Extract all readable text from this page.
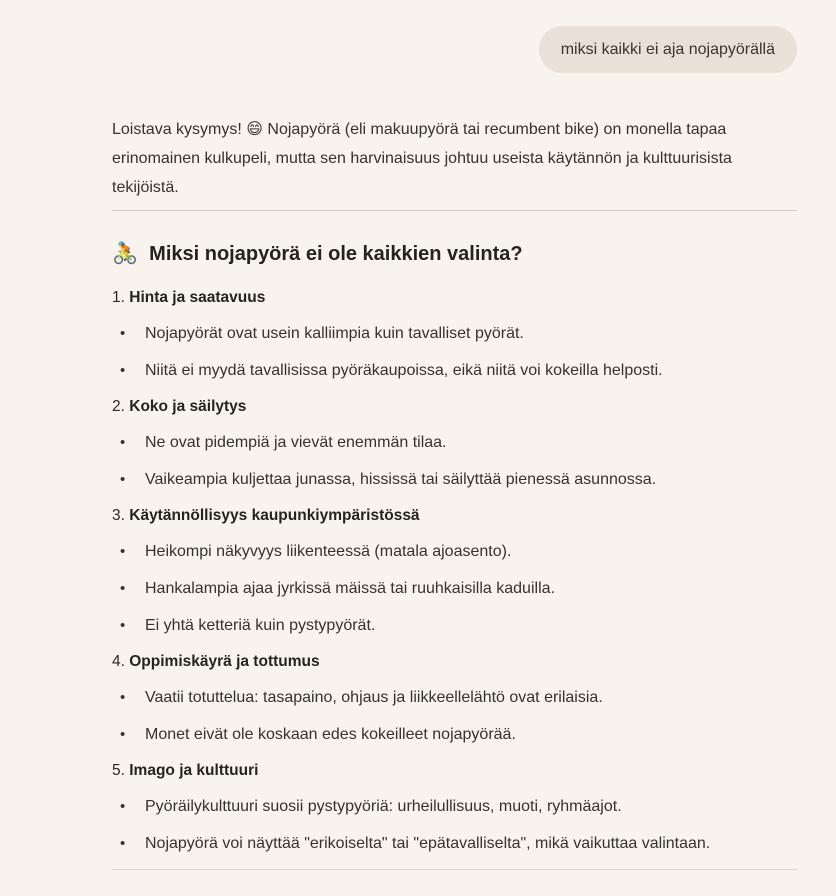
miksi kaikki ei aja nojapyörällä

Loistava kysymys! 😄 Nojapyörä (eli makuupyörä tai recumbent bike) on monella tapaa erinomainen kulkupeli, mutta sen harvinaisuus johtuu useista käytännön ja kulttuurisista tekijöistä.

🚴 Miksi nojapyörä ei ole kaikkien valinta?
1. Hinta ja saatavuus
•	Nojapyörät ovat usein kalliimpia kuin tavalliset pyörät.
•	Niitä ei myydä tavallisissa pyöräkaupoissa, eikä niitä voi kokeilla helposti.
2. Koko ja säilytys
•	Ne ovat pidempiä ja vievät enemmän tilaa.
•	Vaikeampia kuljettaa junassa, hississä tai säilyttää pienessä asunnossa.
3. Käytännöllisyys kaupunkiympäristössä
•	Heikompi näkyvyys liikenteessä (matala ajoasento).
•	Hankalampia ajaa jyrkissä mäissä tai ruuhkaisilla kaduilla.
•	Ei yhtä ketteriä kuin pystypyörät.
4. Oppimiskäyrä ja tottumus
•	Vaatii totuttelua: tasapaino, ohjaus ja liikkeellelähtö ovat erilaisia.
•	Monet eivät ole koskaan edes kokeilleet nojapyörää.
5. Imago ja kulttuuri
•	Pyöräilykulttuuri suosii pystypyöriä: urheilullisuus, muoti, ryhmäajot.
•	Nojapyörä voi näyttää "erikoiselta" tai "epätavalliselta", mikä vaikuttaa valintaan.
